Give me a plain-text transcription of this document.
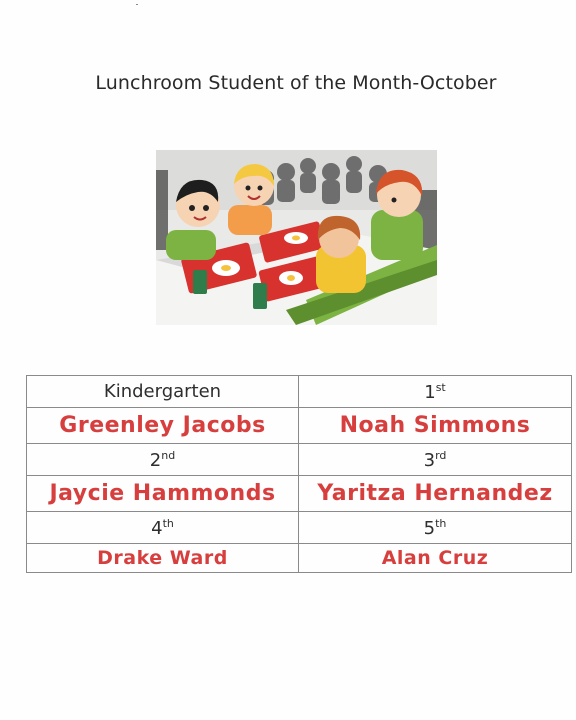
Lunchroom Student of the Month-October
Kindergarten	1st
Greenley Jacobs	Noah Simmons
2nd	3rd
Jaycie Hammonds	Yaritza Hernandez
4th	5th
Drake Ward	Alan Cruz
